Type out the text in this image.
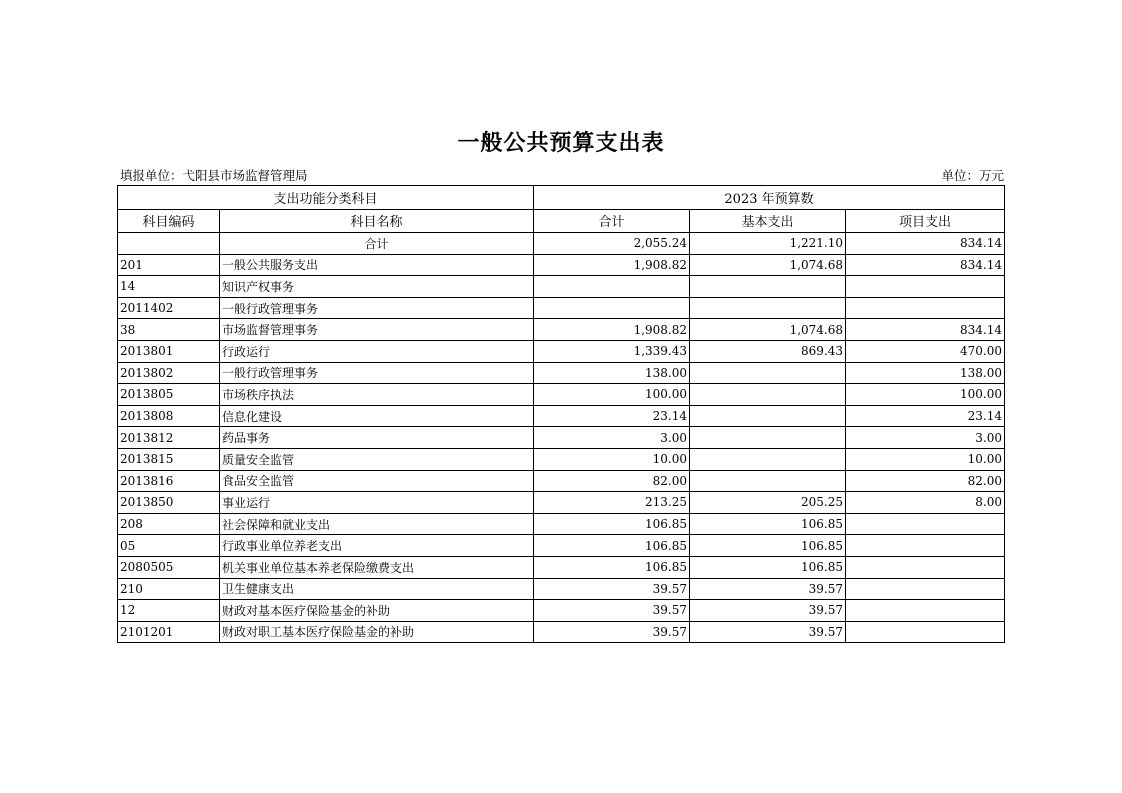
一般公共预算支出表
填报单位：弋阳县市场监督管理局	单位：万元
支出功能分类科目		2023 年预算数		
科目编码	科目名称	合计	基本支出	项目支出
	合计	2,055.24	1,221.10	834.14
201	一般公共服务支出	1,908.82	1,074.68	834.14
14	知识产权事务			
2011402	一般行政管理事务			
38	市场监督管理事务	1,908.82	1,074.68	834.14
2013801	行政运行	1,339.43	869.43	470.00
2013802	一般行政管理事务	138.00		138.00
2013805	市场秩序执法	100.00		100.00
2013808	信息化建设	23.14		23.14
2013812	药品事务	3.00		3.00
2013815	质量安全监管	10.00		10.00
2013816	食品安全监管	82.00		82.00
2013850	事业运行	213.25	205.25	8.00
208	社会保障和就业支出	106.85	106.85	
05	行政事业单位养老支出	106.85	106.85	
2080505	机关事业单位基本养老保险缴费支出	106.85	106.85	
210	卫生健康支出	39.57	39.57	
12	财政对基本医疗保险基金的补助	39.57	39.57	
2101201	财政对职工基本医疗保险基金的补助	39.57	39.57	
